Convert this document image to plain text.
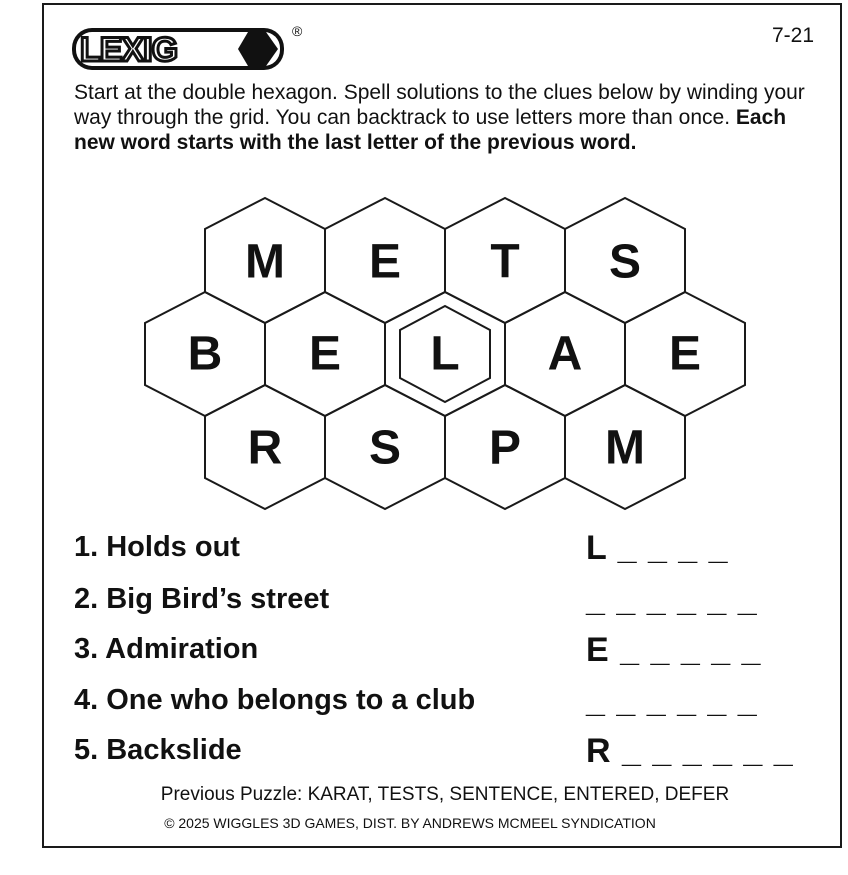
LEXIG	®	7-21
Start at the double hexagon. Spell solutions to the clues below by winding your way through the grid. You can backtrack to use letters more than once. Each new word starts with the last letter of the previous word.
M E T S
B E L A E
R S P M
1. Holds out	L _ _ _ _
2. Big Bird’s street	_ _ _ _ _ _
3. Admiration	E _ _ _ _ _
4. One who belongs to a club	_ _ _ _ _ _
5. Backslide	R _ _ _ _ _ _
Previous Puzzle: KARAT, TESTS, SENTENCE, ENTERED, DEFER
© 2025 WIGGLES 3D GAMES, DIST. BY ANDREWS MCMEEL SYNDICATION
